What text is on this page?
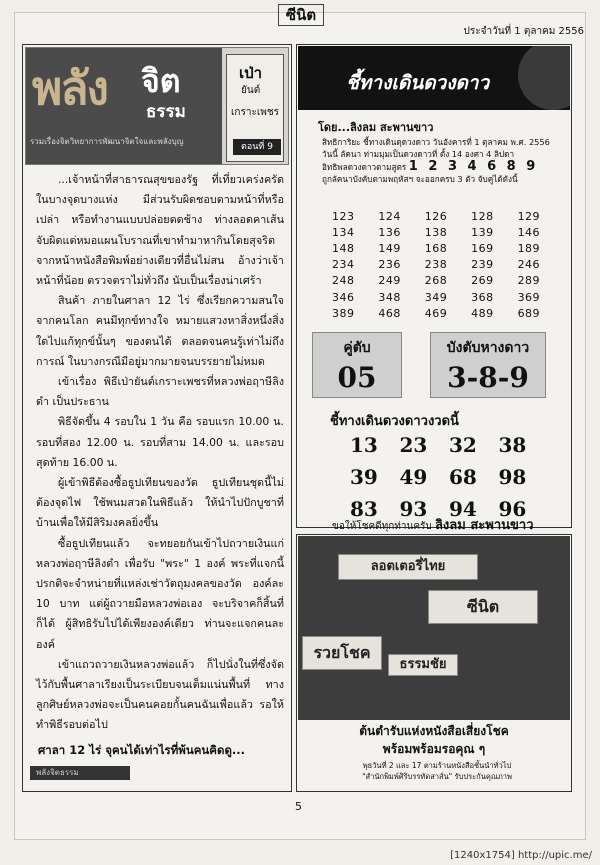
ซีนิต
ประจำวันที่ 1 ตุลาคม 2556
พลัง จิต
ธรรม
รวมเรื่องจิตวิทยาการพัฒนาจิตใจและพลังบุญ
เป่า
ยันต์
เกราะเพชร
ตอนที่ 9

...เจ้าหน้าที่สาธารณสุขของรัฐ ที่เที่ยวเคร่งครัดในบางจุดบางแห่ง มีส่วนรับผิดชอบตามหน้าที่หรือเปล่า หรือทำงานแบบปล่อยตดช้าง ท่างลอดคาเส้น จับผิดแต่หมอแผนโบราณที่เขาทำมาหากินโดยสุจริต จากหน้าหนังสือพิมพ์อย่างเดียวที่อื่นไม่สน อ้างว่าเจ้าหน้าที่น้อย ตรวจตราไม่ทั่วถึง นับเป็นเรื่องน่าเศร้า

สินค้า ภายในศาลา 12 ไร่ ซึ่งเรียกความสนใจจากคนโลก คนมีทุกข์ทางใจ หมายแสวงหาสิ่งหนึ่งสิ่งใดไปแก้ทุกข์นั้นๆ ของตนได้ ตลอดจนคนรู้เท่าไม่ถึงการณ์ ในบางกรณีมีอยู่มากมายจนบรรยายไม่หมด

เข้าเรื่อง พิธีเป่ายันต์เกราะเพชรที่หลวงพ่อฤาษีลิงดำ เป็นประธาน

พิธีจัดขึ้น 4 รอบใน 1 วัน คือ รอบแรก 10.00 น. รอบที่สอง 12.00 น. รอบที่สาม 14.00 น. และรอบสุดท้าย 16.00 น.

ผู้เข้าพิธีต้องซื้อธูปเทียนของวัด ธูปเทียนชุดนี้ไม่ต้องจุดไฟ ใช้พนมสวดในพิธีแล้ว ให้นำไปปักบูชาที่บ้านเพื่อให้มีสิริมงคลยิ่งขึ้น

ซื้อธูปเทียนแล้ว จะทยอยกันเข้าไปถวายเงินแก่หลวงพ่อฤาษีลิงดำ เพื่อรับ "พระ" 1 องค์ พระที่แจกนี้ ปรกติจะจำหน่ายที่แหล่งเช่าวัตถุมงคลของวัด องค์ละ 10 บาท แต่ผู้ถวายมือหลวงพ่อเอง จะบริจาคก็สิ้นที่ก็ได้ ผู้สิทธิรับไปได้เพียงองค์เดียว ท่านจะแจกคนละองค์

เข้าแถวถวายเงินหลวงพ่อแล้ว ก็ไปนั่งในที่ซึ่งจัดไว้กับพื้นศาลาเรียงเป็นระเบียบจนเต็มแน่นพื้นที่ ทางลูกศิษย์หลวงพ่อจะเป็นคนคอยกั้นคนฉันเพื่อแล้ว รอให้ทำพิธีรอบต่อไป

ศาลา 12 ไร่ จุคนได้เท่าไรที่พ้นคนคิดดู...
พลังจิตธรรม
ชี้ทางเดินดวงดาว
โดย...ลิงลม สะพานขาว
สิทธิการิยะ ชี้ทางเดินดุดวงดาว วันอังคารที่ 1 ตุลาคม พ.ศ. 2556 วันนี้ ลัคนา ท่ามมุมเป็นดวงดาวที่ ตั้ง 14 องศา 4 ลิปดา
อิทธิพลดวงดาวตามสูตร 1 2 3 4 6 8 9
ถูกลัคนาบังคับตามพฤหัสฯ จะออกครบ 3 ตัว จับคู่ได้ดังนี้
123	124	126	128	129
134	136	138	139	146
148	149	168	169	189
234	236	238	239	246
248	249	268	269	289
346	348	349	368	369
389	468	469	489	689
คู่ตับ
05
บังตับหางดาว
3-8-9
ชี้ทางเดินดวงดาวงวดนี้
13	23	32	38
39	49	68	98
83	93	94	96
ขอให้โชคดีทุกท่านครับ ลิงลม สะพานขาว
ลอตเตอรี่ไทย
ซีนิต
รวยโชค
ธรรมชัย
ต้นตำรับแห่งหนังสือเสี่ยงโชค
พร้อมพร้อมรอคุณ ๆ
พุธวันที่ 2 และ 17 ตามร้านหนังสือชั้นนำทั่วไป
"สำนักพิมพ์ศิริบรรทัดสาส์น" รับประกันคุณภาพ
5
[1240x1754] http://upic.me/
